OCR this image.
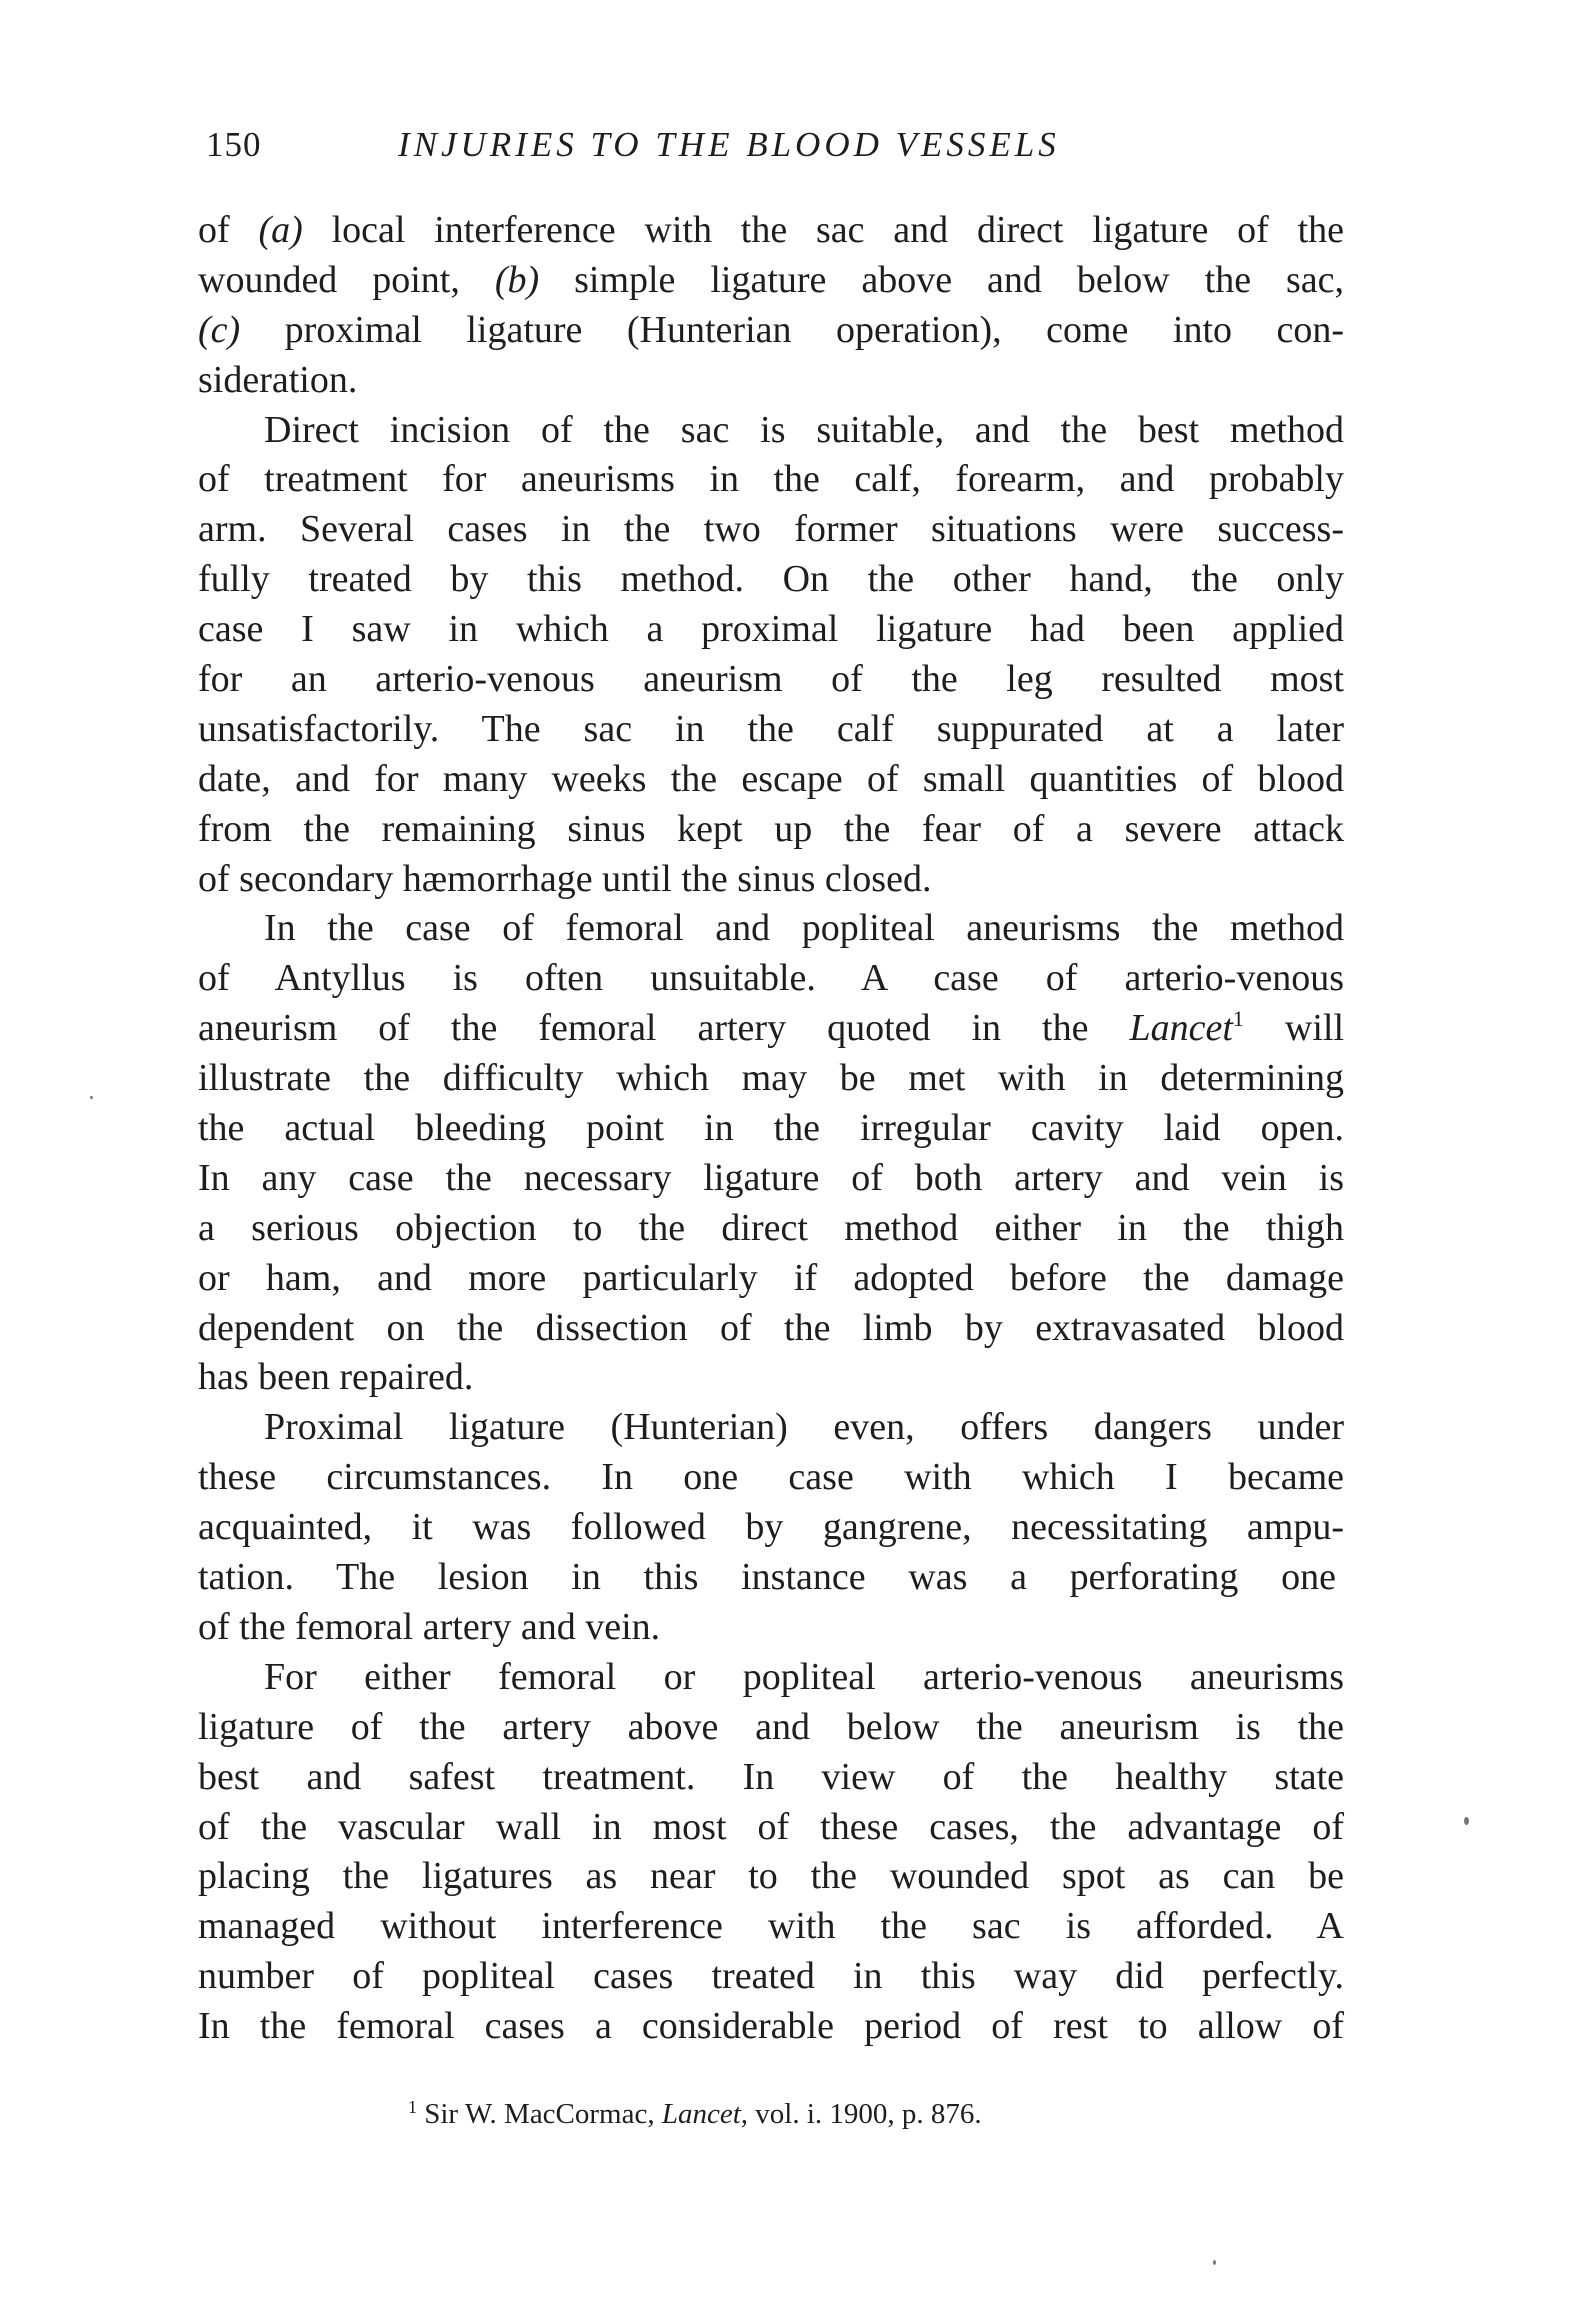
150	INJURIES TO THE BLOOD VESSELS
of (a) local interference with the sac and direct ligature of the
wounded point, (b) simple ligature above and below the sac,
(c) proximal ligature (Hunterian operation), come into con-
sideration.
Direct incision of the sac is suitable, and the best method
of treatment for aneurisms in the calf, forearm, and probably
arm. Several cases in the two former situations were success-
fully treated by this method. On the other hand, the only
case I saw in which a proximal ligature had been applied
for an arterio-venous aneurism of the leg resulted most
unsatisfactorily. The sac in the calf suppurated at a later
date, and for many weeks the escape of small quantities of blood
from the remaining sinus kept up the fear of a severe attack
of secondary hæmorrhage until the sinus closed.
In the case of femoral and popliteal aneurisms the method
of Antyllus is often unsuitable. A case of arterio-venous
aneurism of the femoral artery quoted in the Lancet$^1$ will
illustrate the difficulty which may be met with in determining
the actual bleeding point in the irregular cavity laid open.
In any case the necessary ligature of both artery and vein is
a serious objection to the direct method either in the thigh
or ham, and more particularly if adopted before the damage
dependent on the dissection of the limb by extravasated blood
has been repaired.
Proximal ligature (Hunterian) even, offers dangers under
these circumstances. In one case with which I became
acquainted, it was followed by gangrene, necessitating ampu-
tation. The lesion in this instance was a perforating one
of the femoral artery and vein.
For either femoral or popliteal arterio-venous aneurisms
ligature of the artery above and below the aneurism is the
best and safest treatment. In view of the healthy state
of the vascular wall in most of these cases, the advantage of
placing the ligatures as near to the wounded spot as can be
managed without interference with the sac is afforded. A
number of popliteal cases treated in this way did perfectly.
In the femoral cases a considerable period of rest to allow of
$^1$ Sir W. MacCormac, Lancet, vol. i. 1900, p. 876.
